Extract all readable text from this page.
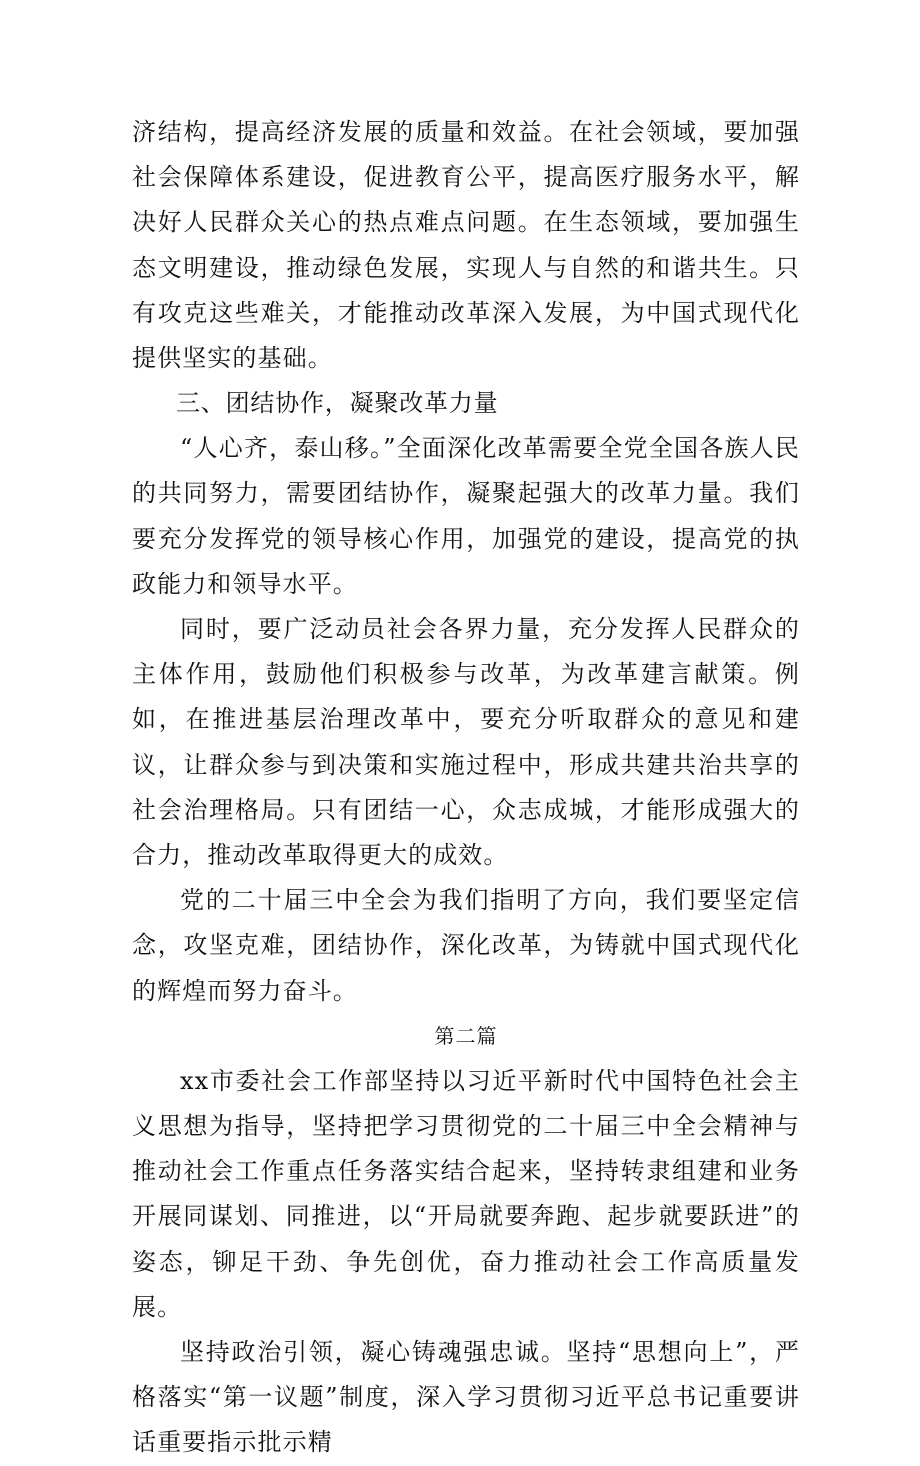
济结构，提高经济发展的质量和效益。在社会领域，要加强社会保障体系建设，促进教育公平，提高医疗服务水平，解决好人民群众关心的热点难点问题。在生态领域，要加强生态文明建设，推动绿色发展，实现人与自然的和谐共生。只有攻克这些难关，才能推动改革深入发展，为中国式现代化提供坚实的基础。

三、团结协作，凝聚改革力量

“人心齐，泰山移。”全面深化改革需要全党全国各族人民的共同努力，需要团结协作，凝聚起强大的改革力量。我们要充分发挥党的领导核心作用，加强党的建设，提高党的执政能力和领导水平。

同时，要广泛动员社会各界力量，充分发挥人民群众的主体作用，鼓励他们积极参与改革，为改革建言献策。例如，在推进基层治理改革中，要充分听取群众的意见和建议，让群众参与到决策和实施过程中，形成共建共治共享的社会治理格局。只有团结一心，众志成城，才能形成强大的合力，推动改革取得更大的成效。

党的二十届三中全会为我们指明了方向，我们要坚定信念，攻坚克难，团结协作，深化改革，为铸就中国式现代化的辉煌而努力奋斗。

第二篇

xx市委社会工作部坚持以习近平新时代中国特色社会主义思想为指导，坚持把学习贯彻党的二十届三中全会精神与推动社会工作重点任务落实结合起来，坚持转隶组建和业务开展同谋划、同推进，以“开局就要奔跑、起步就要跃进”的姿态，铆足干劲、争先创优，奋力推动社会工作高质量发展。

坚持政治引领，凝心铸魂强忠诚。坚持“思想向上”，严格落实“第一议题”制度，深入学习贯彻习近平总书记重要讲话重要指示批示精
